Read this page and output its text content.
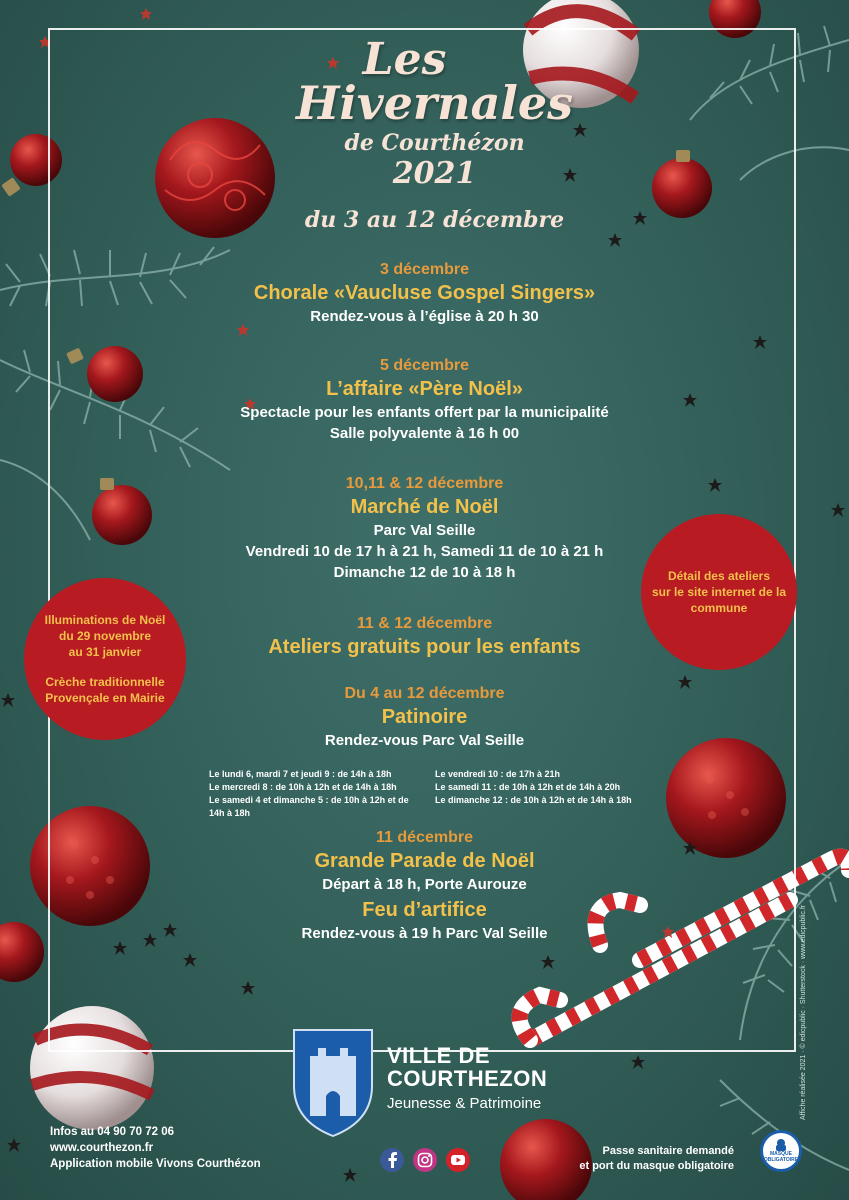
Les
Hivernales
de Courthézon
2021
du 3 au 12 décembre
3 décembre
Chorale «Vaucluse Gospel Singers»
Rendez-vous à l’église à 20 h 30
5 décembre
L’affaire «Père Noël»
Spectacle pour les enfants offert par la municipalité
Salle polyvalente à 16 h 00
10,11 & 12 décembre
Marché de Noël
Parc Val Seille
Vendredi 10 de 17 h à 21 h, Samedi 11 de 10 à 21 h
Dimanche 12 de 10 à 18 h
11 & 12 décembre
Ateliers gratuits pour les enfants
Du 4 au 12 décembre
Patinoire
Rendez-vous Parc Val Seille
Le lundi 6, mardi 7 et jeudi 9 : de 14h à 18h
Le mercredi 8 : de 10h à 12h et de 14h à 18h
Le samedi 4 et dimanche 5 : de 10h à 12h et de
14h à 18h
Le vendredi 10 : de 17h à 21h
Le samedi 11 : de 10h à 12h et de 14h à 20h
Le dimanche 12 : de 10h à 12h et de 14h à 18h
11 décembre
Grande Parade de Noël
Départ à 18 h, Porte Aurouze
Feu d’artifice
Rendez-vous à 19 h Parc Val Seille
Illuminations de Noël
du 29 novembre
au 31 janvier
Crèche traditionnelle
Provençale en Mairie
Détail des ateliers
sur le site internet de la
commune
VILLE DE
COURTHEZON
Jeunesse & Patrimoine
Infos au 04 90 70 72 06
www.courthezon.fr
Application mobile Vivons Courthézon
Passe sanitaire demandé
et port du masque obligatoire
MASQUE
OBLIGATOIRE
Affiche réalisée 2021 · © edicpublic · Shutterstock · www.edicpublic.fr
